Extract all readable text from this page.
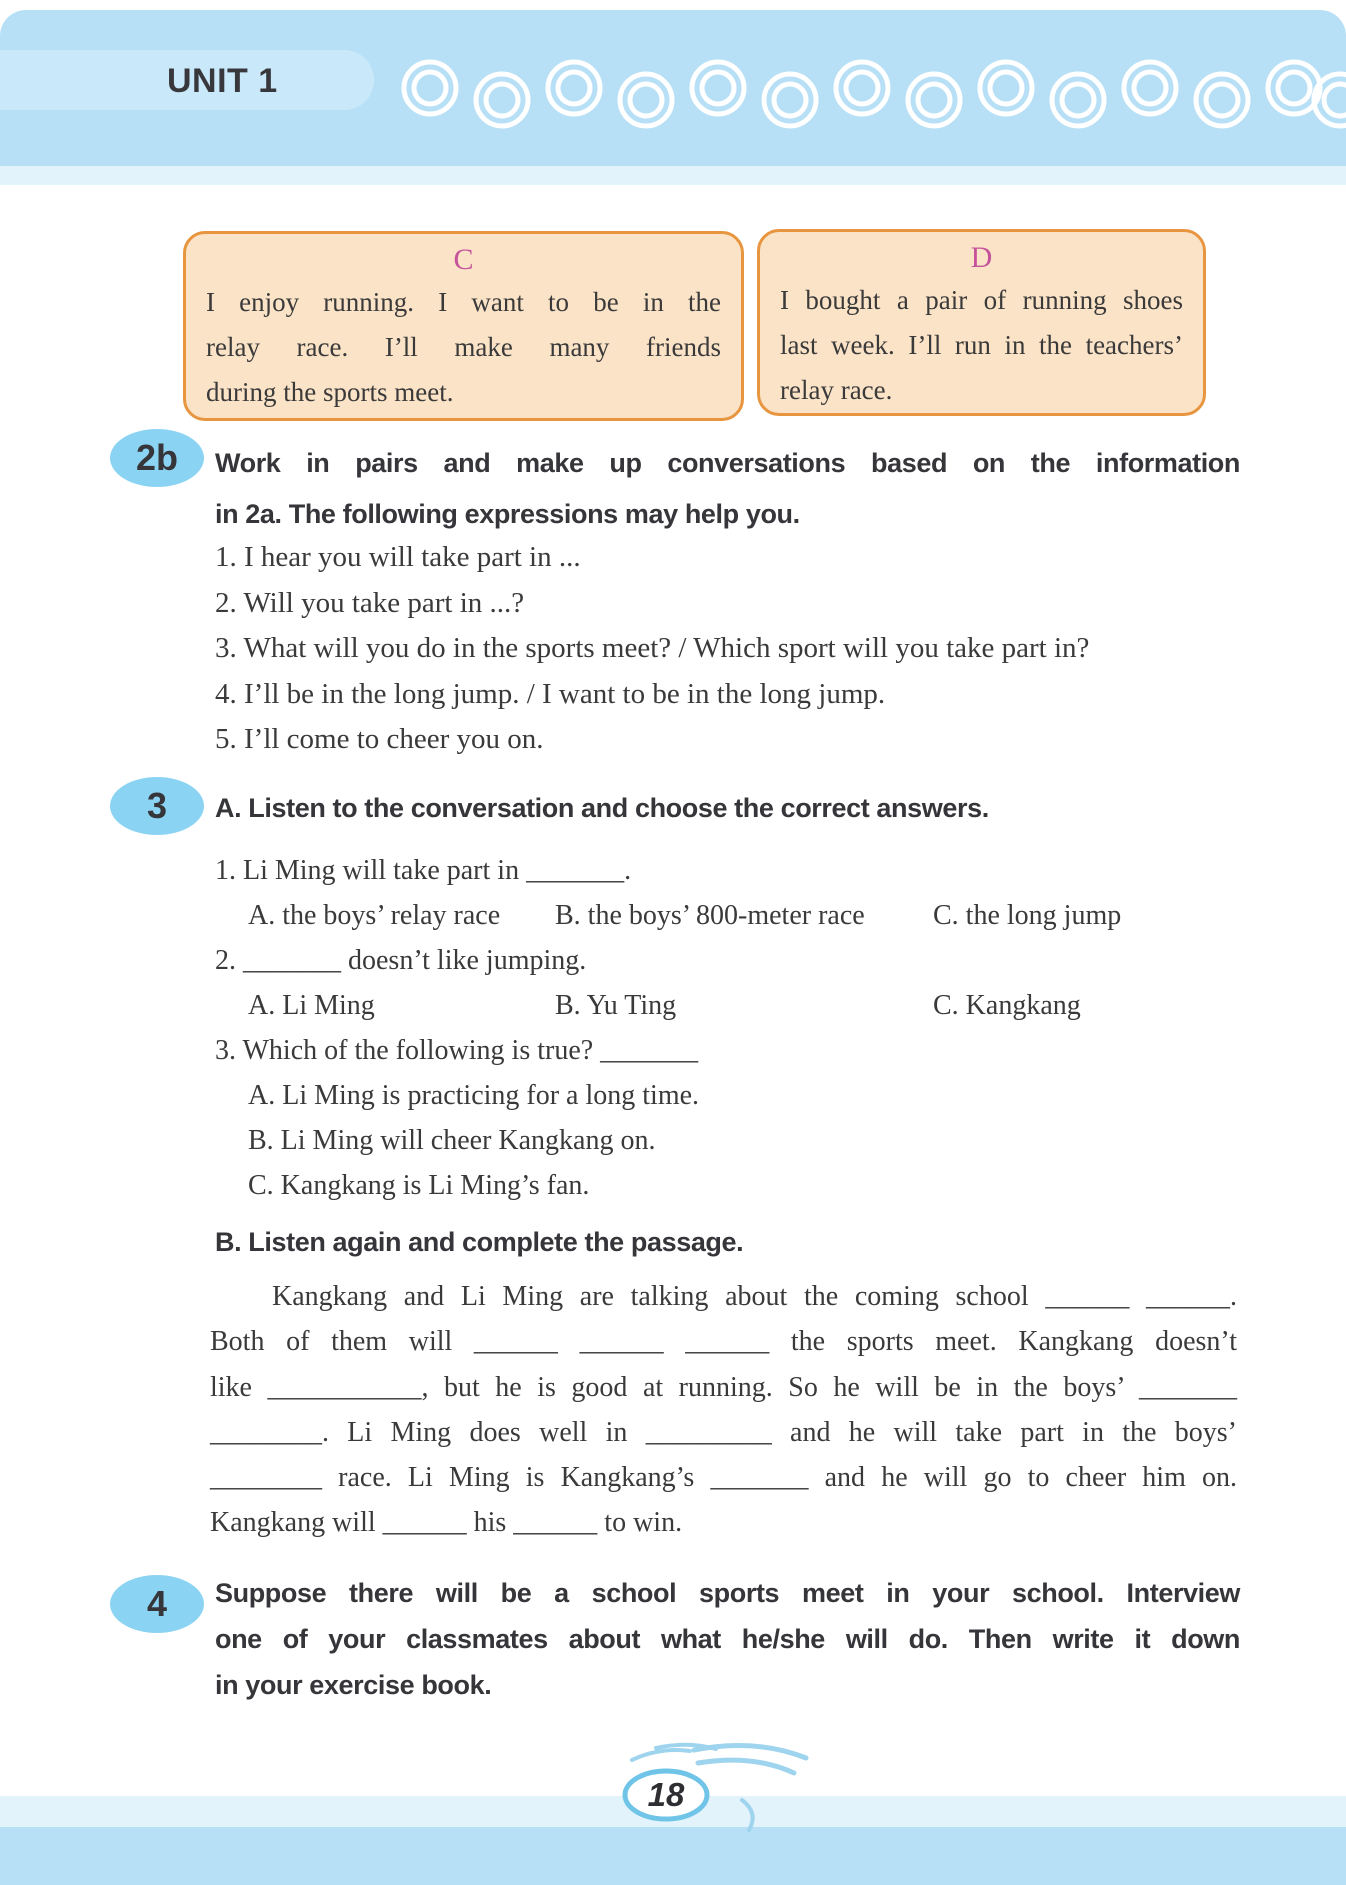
UNIT 1
C
I enjoy running. I want to be in the
relay race. I’ll make many friends
during the sports meet.
D
I bought a pair of running shoes
last week. I’ll run in the teachers’
relay race.
2b	Work in pairs and make up conversations based on the information
in 2a. The following expressions may help you.
1. I hear you will take part in ...
2. Will you take part in ...?
3. What will you do in the sports meet? / Which sport will you take part in?
4. I’ll be in the long jump. / I want to be in the long jump.
5. I’ll come to cheer you on.
3	A. Listen to the conversation and choose the correct answers.
1. Li Ming will take part in _______.
A. the boys’ relay race	B. the boys’ 800-meter race	C. the long jump
2. _______ doesn’t like jumping.
A. Li Ming	B. Yu Ting	C. Kangkang
3. Which of the following is true? _______
A. Li Ming is practicing for a long time.
B. Li Ming will cheer Kangkang on.
C. Kangkang is Li Ming’s fan.
B. Listen again and complete the passage.
Kangkang and Li Ming are talking about the coming school ______ ______.
Both of them will ______ ______ ______ the sports meet. Kangkang doesn’t
like ___________, but he is good at running. So he will be in the boys’ _______
________. Li Ming does well in _________ and he will take part in the boys’
________ race. Li Ming is Kangkang’s _______ and he will go to cheer him on.
Kangkang will ______ his ______ to win.
4	Suppose there will be a school sports meet in your school. Interview
one of your classmates about what he/she will do. Then write it down
in your exercise book.
18
